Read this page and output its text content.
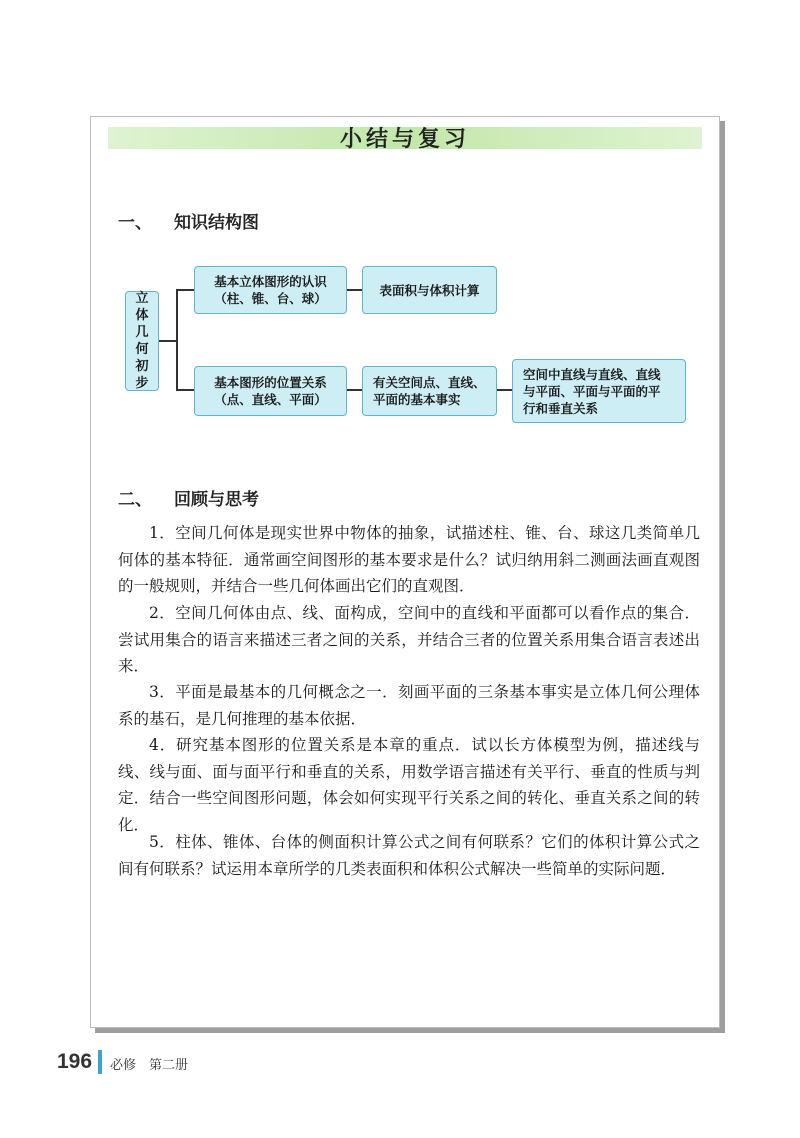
小结与复习
一、 知识结构图
立
体
几
何
初
步
基本立体图形的认识
（柱、锥、台、球）
表面积与体积计算
基本图形的位置关系
（点、直线、平面）
有关空间点、直线、
平面的基本事实
空间中直线与直线、直线
与平面、平面与平面的平
行和垂直关系
二、 回顾与思考

1．空间几何体是现实世界中物体的抽象，试描述柱、锥、台、球这几类简单几何体的基本特征．通常画空间图形的基本要求是什么？试归纳用斜二测画法画直观图的一般规则，并结合一些几何体画出它们的直观图．

2．空间几何体由点、线、面构成，空间中的直线和平面都可以看作点的集合．尝试用集合的语言来描述三者之间的关系，并结合三者的位置关系用集合语言表述出来．

3．平面是最基本的几何概念之一．刻画平面的三条基本事实是立体几何公理体系的基石，是几何推理的基本依据．

4．研究基本图形的位置关系是本章的重点．试以长方体模型为例，描述线与线、线与面、面与面平行和垂直的关系，用数学语言描述有关平行、垂直的性质与判定．结合一些空间图形问题，体会如何实现平行关系之间的转化、垂直关系之间的转化．

5．柱体、锥体、台体的侧面积计算公式之间有何联系？它们的体积计算公式之间有何联系？试运用本章所学的几类表面积和体积公式解决一些简单的实际问题．

196 必修　第二册
